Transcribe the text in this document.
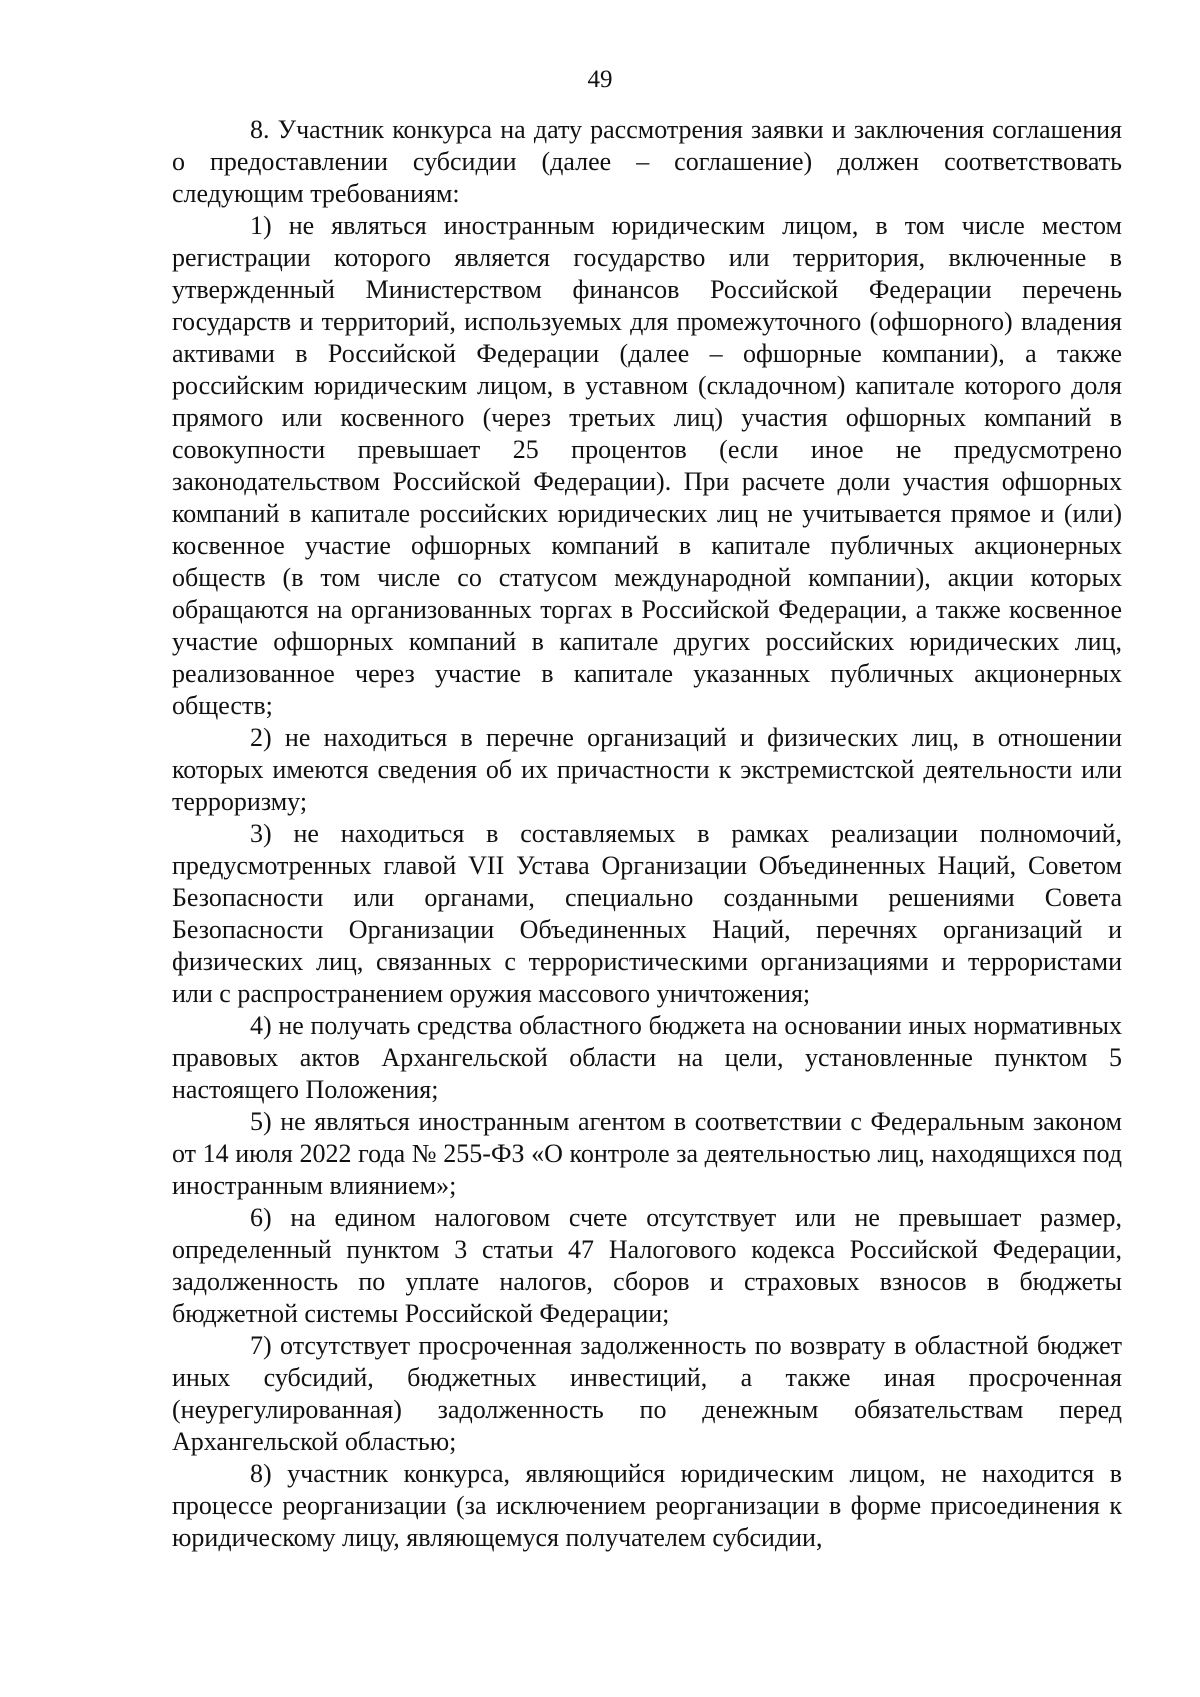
49

8. Участник конкурса на дату рассмотрения заявки и заключения соглашения о предоставлении субсидии (далее – соглашение) должен соответствовать следующим требованиям:

1) не являться иностранным юридическим лицом, в том числе местом регистрации которого является государство или территория, включенные в утвержденный Министерством финансов Российской Федерации перечень государств и территорий, используемых для промежуточного (офшорного) владения активами в Российской Федерации (далее – офшорные компании), а также российским юридическим лицом, в уставном (складочном) капитале которого доля прямого или косвенного (через третьих лиц) участия офшорных компаний в совокупности превышает 25 процентов (если иное не предусмотрено законодательством Российской Федерации). При расчете доли участия офшорных компаний в капитале российских юридических лиц не учитывается прямое и (или) косвенное участие офшорных компаний в капитале публичных акционерных обществ (в том числе со статусом международной компании), акции которых обращаются на организованных торгах в Российской Федерации, а также косвенное участие офшорных компаний в капитале других российских юридических лиц, реализованное через участие в капитале указанных публичных акционерных обществ;

2) не находиться в перечне организаций и физических лиц, в отношении которых имеются сведения об их причастности к экстремистской деятельности или терроризму;

3) не находиться в составляемых в рамках реализации полномочий, предусмотренных главой VII Устава Организации Объединенных Наций, Советом Безопасности или органами, специально созданными решениями Совета Безопасности Организации Объединенных Наций, перечнях организаций и физических лиц, связанных с террористическими организациями и террористами или с распространением оружия массового уничтожения;

4) не получать средства областного бюджета на основании иных нормативных правовых актов Архангельской области на цели, установленные пунктом 5 настоящего Положения;

5) не являться иностранным агентом в соответствии с Федеральным законом от 14 июля 2022 года № 255-ФЗ «О контроле за деятельностью лиц, находящихся под иностранным влиянием»;

6) на едином налоговом счете отсутствует или не превышает размер, определенный пунктом 3 статьи 47 Налогового кодекса Российской Федерации, задолженность по уплате налогов, сборов и страховых взносов в бюджеты бюджетной системы Российской Федерации;

7) отсутствует просроченная задолженность по возврату в областной бюджет иных субсидий, бюджетных инвестиций, а также иная просроченная (неурегулированная) задолженность по денежным обязательствам перед Архангельской областью;

8) участник конкурса, являющийся юридическим лицом, не находится в процессе реорганизации (за исключением реорганизации в форме присоединения к юридическому лицу, являющемуся получателем субсидии,
